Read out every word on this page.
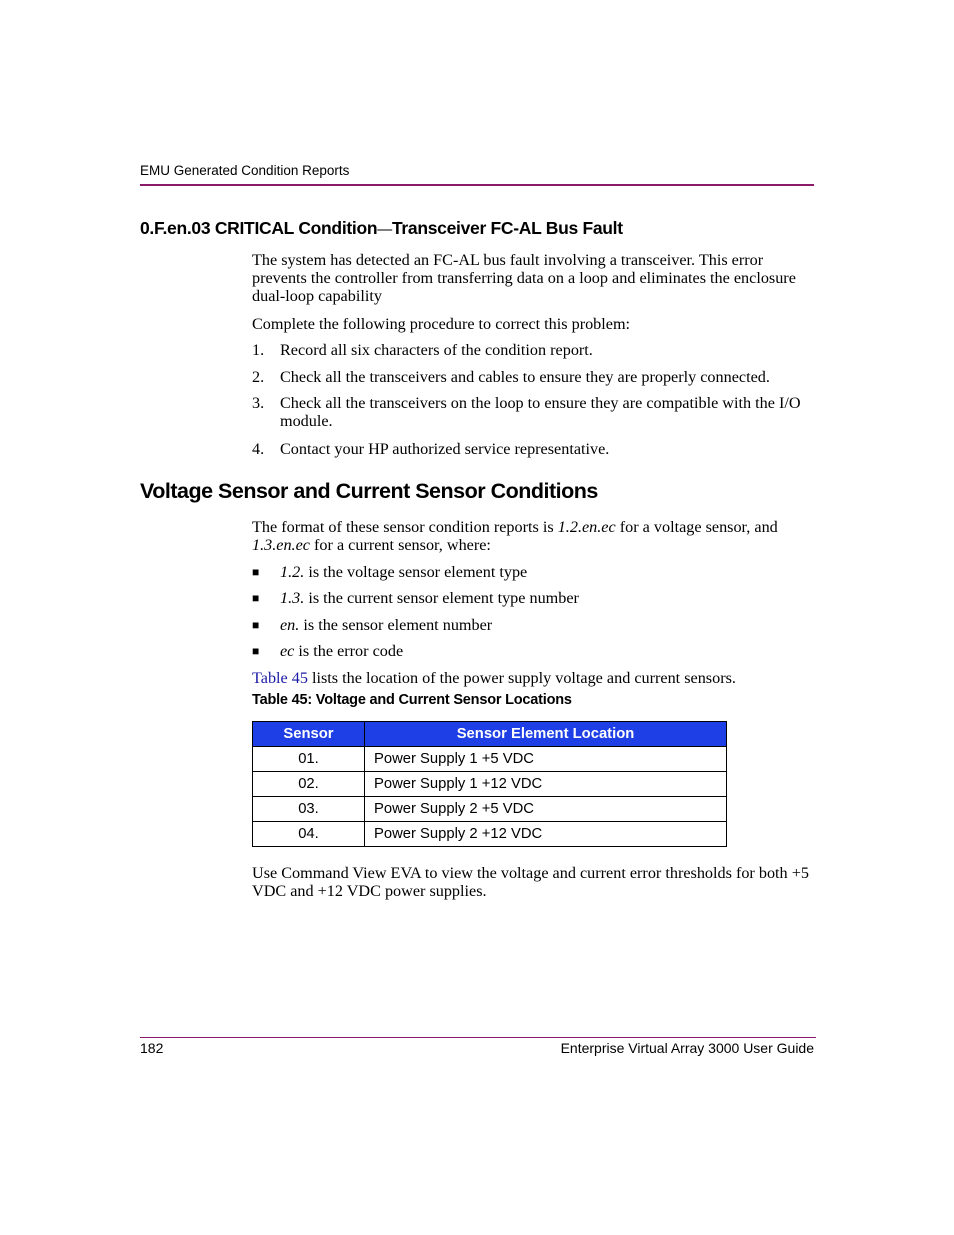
EMU Generated Condition Reports
0.F.en.03 CRITICAL Condition—Transceiver FC-AL Bus Fault
The system has detected an FC-AL bus fault involving a transceiver. This error prevents the controller from transferring data on a loop and eliminates the enclosure dual-loop capability
Complete the following procedure to correct this problem:
1. Record all six characters of the condition report.
2. Check all the transceivers and cables to ensure they are properly connected.
3. Check all the transceivers on the loop to ensure they are compatible with the I/O module.
4. Contact your HP authorized service representative.
Voltage Sensor and Current Sensor Conditions
The format of these sensor condition reports is 1.2.en.ec for a voltage sensor, and 1.3.en.ec for a current sensor, where:
■ 1.2. is the voltage sensor element type
■ 1.3. is the current sensor element type number
■ en. is the sensor element number
■ ec is the error code
Table 45 lists the location of the power supply voltage and current sensors.
Table 45: Voltage and Current Sensor Locations
Sensor	Sensor Element Location
01.	Power Supply 1 +5 VDC
02.	Power Supply 1 +12 VDC
03.	Power Supply 2 +5 VDC
04.	Power Supply 2 +12 VDC
Use Command View EVA to view the voltage and current error thresholds for both +5 VDC and +12 VDC power supplies.
182	Enterprise Virtual Array 3000 User Guide
